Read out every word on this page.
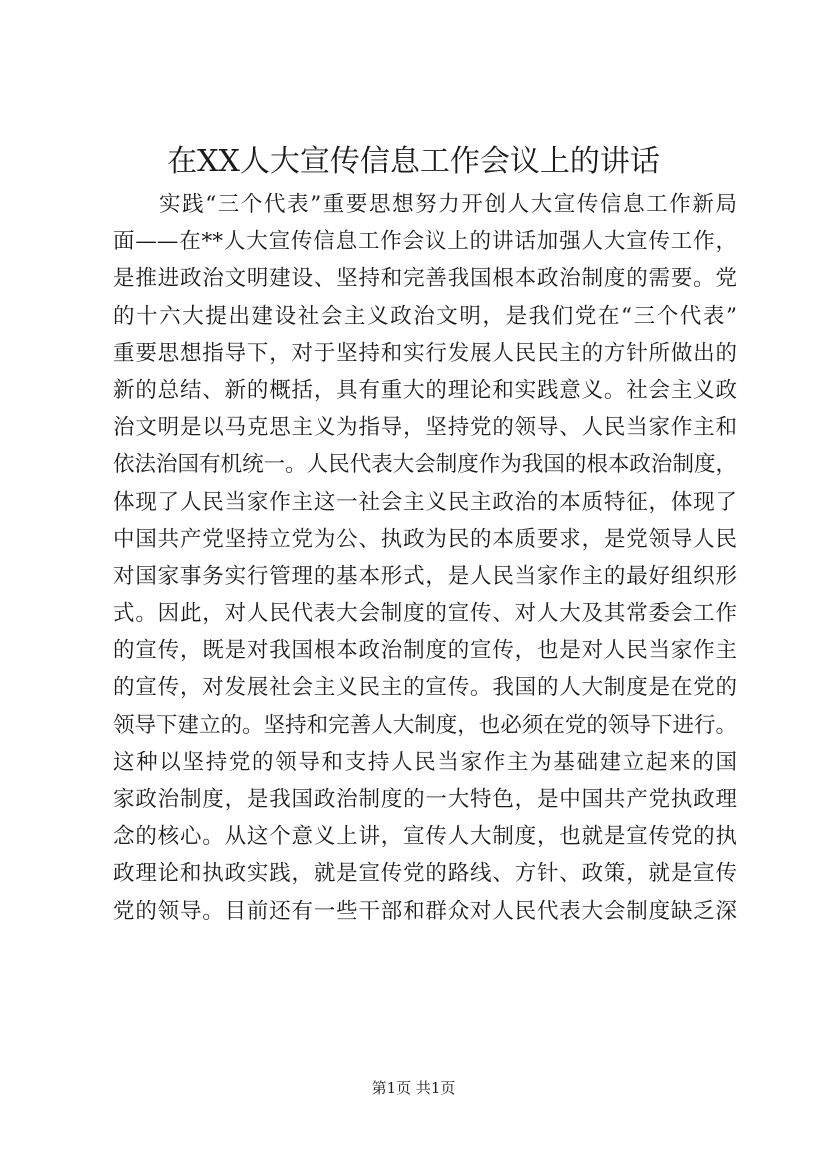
在XX人大宣传信息工作会议上的讲话
实践“三个代表”重要思想努力开创人大宣传信息工作新局
面——在**人大宣传信息工作会议上的讲话加强人大宣传工作，
是推进政治文明建设、坚持和完善我国根本政治制度的需要。党
的十六大提出建设社会主义政治文明，是我们党在“三个代表”
重要思想指导下，对于坚持和实行发展人民民主的方针所做出的
新的总结、新的概括，具有重大的理论和实践意义。社会主义政
治文明是以马克思主义为指导，坚持党的领导、人民当家作主和
依法治国有机统一。人民代表大会制度作为我国的根本政治制度，
体现了人民当家作主这一社会主义民主政治的本质特征，体现了
中国共产党坚持立党为公、执政为民的本质要求，是党领导人民
对国家事务实行管理的基本形式，是人民当家作主的最好组织形
式。因此，对人民代表大会制度的宣传、对人大及其常委会工作
的宣传，既是对我国根本政治制度的宣传，也是对人民当家作主
的宣传，对发展社会主义民主的宣传。我国的人大制度是在党的
领导下建立的。坚持和完善人大制度，也必须在党的领导下进行。
这种以坚持党的领导和支持人民当家作主为基础建立起来的国
家政治制度，是我国政治制度的一大特色，是中国共产党执政理
念的核心。从这个意义上讲，宣传人大制度，也就是宣传党的执
政理论和执政实践，就是宣传党的路线、方针、政策，就是宣传
党的领导。目前还有一些干部和群众对人民代表大会制度缺乏深
第1页 共1页
